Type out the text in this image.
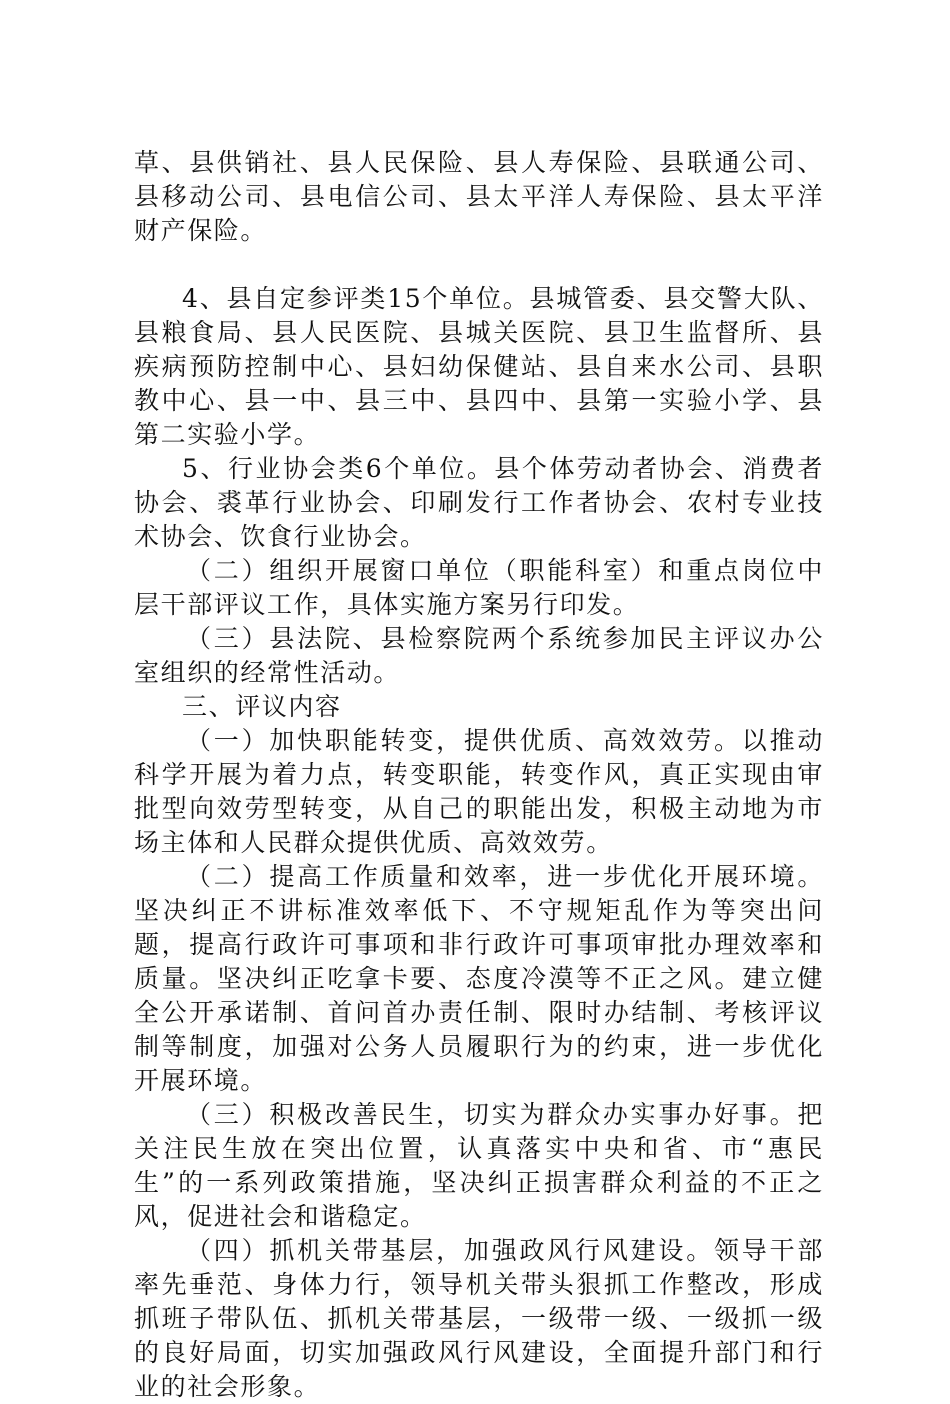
草、县供销社、县人民保险、县人寿保险、县联通公司、县移动公司、县电信公司、县太平洋人寿保险、县太平洋财产保险。

4、县自定参评类15个单位。县城管委、县交警大队、县粮食局、县人民医院、县城关医院、县卫生监督所、县疾病预防控制中心、县妇幼保健站、县自来水公司、县职教中心、县一中、县三中、县四中、县第一实验小学、县第二实验小学。

5、行业协会类6个单位。县个体劳动者协会、消费者协会、裘革行业协会、印刷发行工作者协会、农村专业技术协会、饮食行业协会。

（二）组织开展窗口单位（职能科室）和重点岗位中层干部评议工作，具体实施方案另行印发。

（三）县法院、县检察院两个系统参加民主评议办公室组织的经常性活动。

三、评议内容

（一）加快职能转变，提供优质、高效效劳。以推动科学开展为着力点，转变职能，转变作风，真正实现由审批型向效劳型转变，从自己的职能出发，积极主动地为市场主体和人民群众提供优质、高效效劳。

（二）提高工作质量和效率，进一步优化开展环境。坚决纠正不讲标准效率低下、不守规矩乱作为等突出问题，提高行政许可事项和非行政许可事项审批办理效率和质量。坚决纠正吃拿卡要、态度冷漠等不正之风。建立健全公开承诺制、首问首办责任制、限时办结制、考核评议制等制度，加强对公务人员履职行为的约束，进一步优化开展环境。

（三）积极改善民生，切实为群众办实事办好事。把关注民生放在突出位置，认真落实中央和省、市“惠民生”的一系列政策措施，坚决纠正损害群众利益的不正之风，促进社会和谐稳定。

（四）抓机关带基层，加强政风行风建设。领导干部率先垂范、身体力行，领导机关带头狠抓工作整改，形成抓班子带队伍、抓机关带基层，一级带一级、一级抓一级的良好局面，切实加强政风行风建设，全面提升部门和行业的社会形象。
